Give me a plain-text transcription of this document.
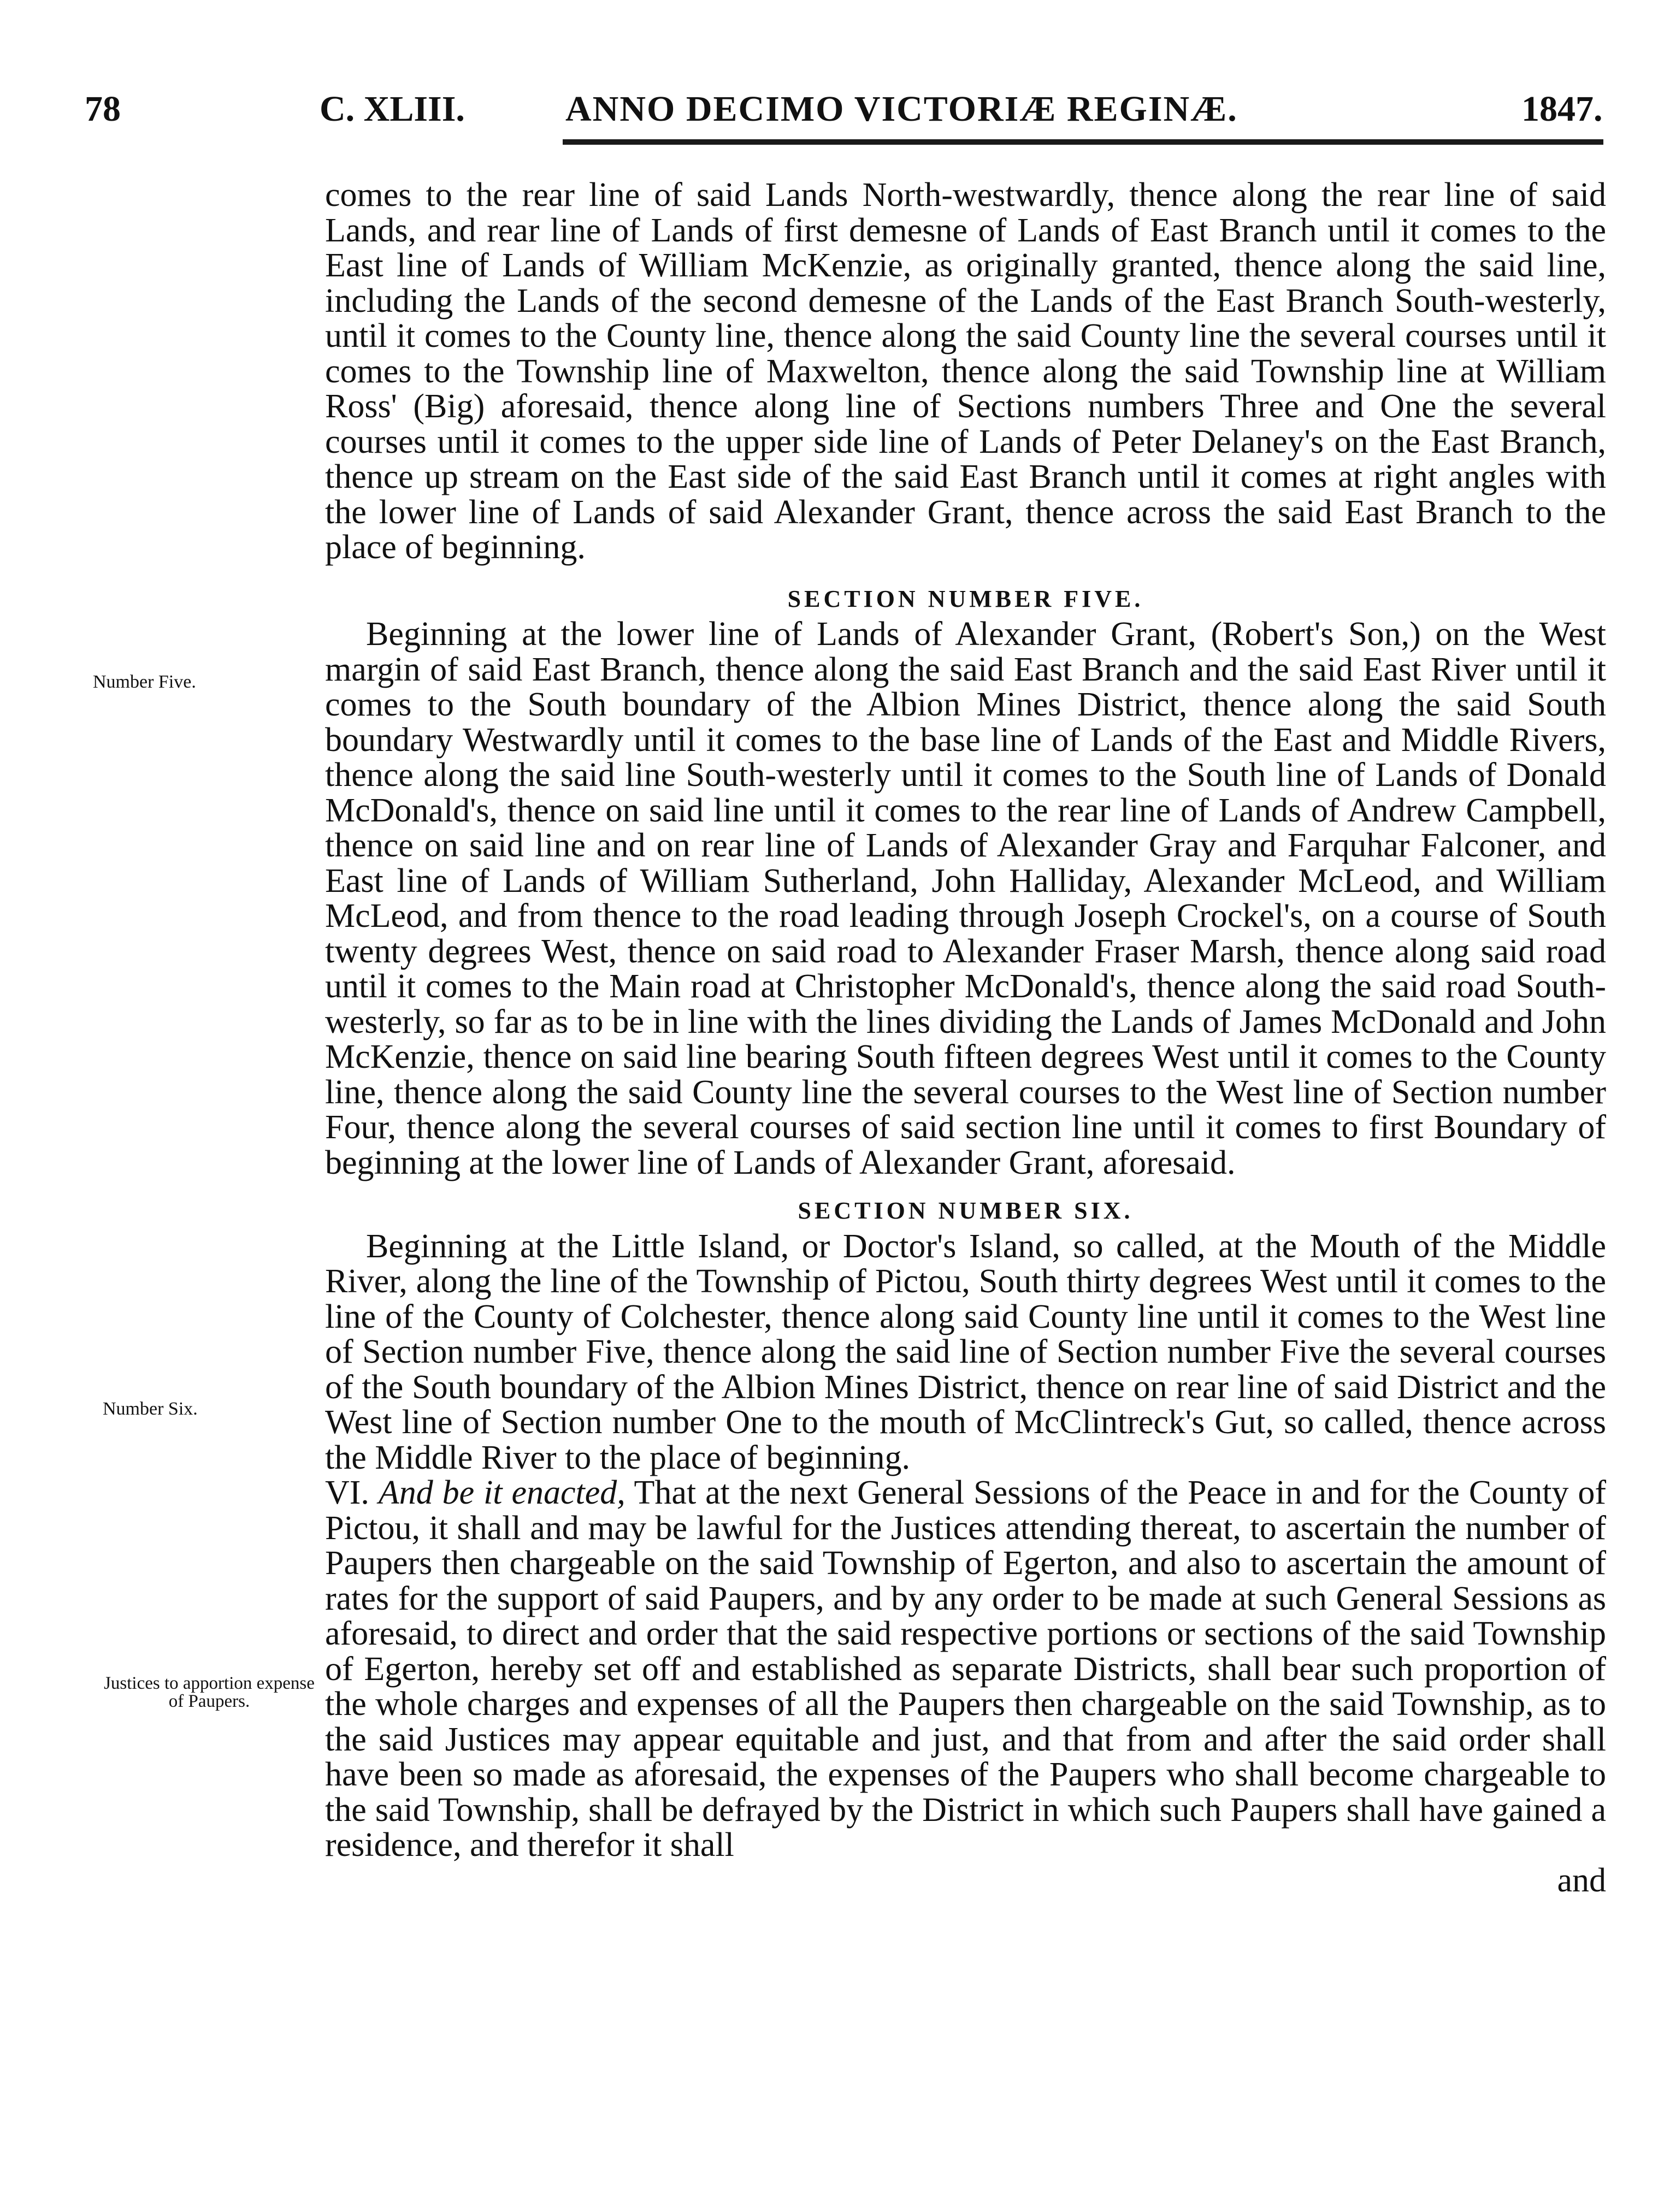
78	C. XLIII.	ANNO DECIMO VICTORIÆ REGINÆ.	1847.
Number Five.
Number Six.
Justices to apportion expense of Paupers.

comes to the rear line of said Lands North-westwardly, thence along the rear line of said Lands, and rear line of Lands of first demesne of Lands of East Branch until it comes to the East line of Lands of William McKenzie, as originally granted, thence along the said line, including the Lands of the second demesne of the Lands of the East Branch South-westerly, until it comes to the County line, thence along the said County line the several courses until it comes to the Township line of Maxwelton, thence along the said Township line at William Ross' (Big) aforesaid, thence along line of Sections numbers Three and One the several courses until it comes to the upper side line of Lands of Peter Delaney's on the East Branch, thence up stream on the East side of the said East Branch until it comes at right angles with the lower line of Lands of said Alexander Grant, thence across the said East Branch to the place of beginning.

SECTION NUMBER FIVE.

Beginning at the lower line of Lands of Alexander Grant, (Robert's Son,) on the West margin of said East Branch, thence along the said East Branch and the said East River until it comes to the South boundary of the Albion Mines District, thence along the said South boundary Westwardly until it comes to the base line of Lands of the East and Middle Rivers, thence along the said line South-westerly until it comes to the South line of Lands of Donald McDonald's, thence on said line until it comes to the rear line of Lands of Andrew Campbell, thence on said line and on rear line of Lands of Alexander Gray and Farquhar Falconer, and East line of Lands of William Sutherland, John Halliday, Alexander McLeod, and William McLeod, and from thence to the road leading through Joseph Crockel's, on a course of South twenty degrees West, thence on said road to Alexander Fraser Marsh, thence along said road until it comes to the Main road at Christopher McDonald's, thence along the said road South-westerly, so far as to be in line with the lines dividing the Lands of James McDonald and John McKenzie, thence on said line bearing South fifteen degrees West until it comes to the County line, thence along the said County line the several courses to the West line of Section number Four, thence along the several courses of said section line until it comes to first Boundary of beginning at the lower line of Lands of Alexander Grant, aforesaid.

SECTION NUMBER SIX.

Beginning at the Little Island, or Doctor's Island, so called, at the Mouth of the Middle River, along the line of the Township of Pictou, South thirty degrees West until it comes to the line of the County of Colchester, thence along said County line until it comes to the West line of Section number Five, thence along the said line of Section number Five the several courses of the South boundary of the Albion Mines District, thence on rear line of said District and the West line of Section number One to the mouth of McClintreck's Gut, so called, thence across the Middle River to the place of beginning.

VI. And be it enacted, That at the next General Sessions of the Peace in and for the County of Pictou, it shall and may be lawful for the Justices attending thereat, to ascertain the number of Paupers then chargeable on the said Township of Egerton, and also to ascertain the amount of rates for the support of said Paupers, and by any order to be made at such General Sessions as aforesaid, to direct and order that the said respective portions or sections of the said Township of Egerton, hereby set off and established as separate Districts, shall bear such proportion of the whole charges and expenses of all the Paupers then chargeable on the said Township, as to the said Justices may appear equitable and just, and that from and after the said order shall have been so made as aforesaid, the expenses of the Paupers who shall become chargeable to the said Township, shall be defrayed by the District in which such Paupers shall have gained a residence, and therefor it shall

and
